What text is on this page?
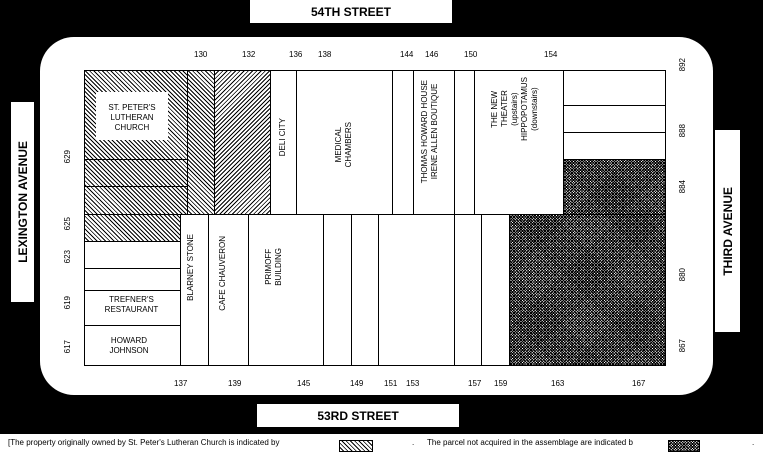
54TH STREET
53RD STREET
LEXINGTON AVENUE	THIRD AVENUE
130	132	136 138	144 146	150	154
137	139	145	149	151 153	157 159	163	167
629
625
623
619
617
892
888
884
880
867
ST. PETER'S
LUTHERAN
CHURCH	DELI CITY	MEDICAL
CHAMBERS	THOMAS HOWARD HOUSE
IRENE ALLEN BOUTIQUE	THE NEW
THEATER
(upstairs)
HIPPOPOTAMUS
(downstairs)
TREFNER'S
RESTAURANT
HOWARD
JOHNSON
BLARNEY STONE	CAFE CHAUVERON	PRIMOFF
BUILDING
[The property originally owned by St. Peter's Lutheran Church is indicated by	. The parcel not acquired in the assemblage are indicated b	.
